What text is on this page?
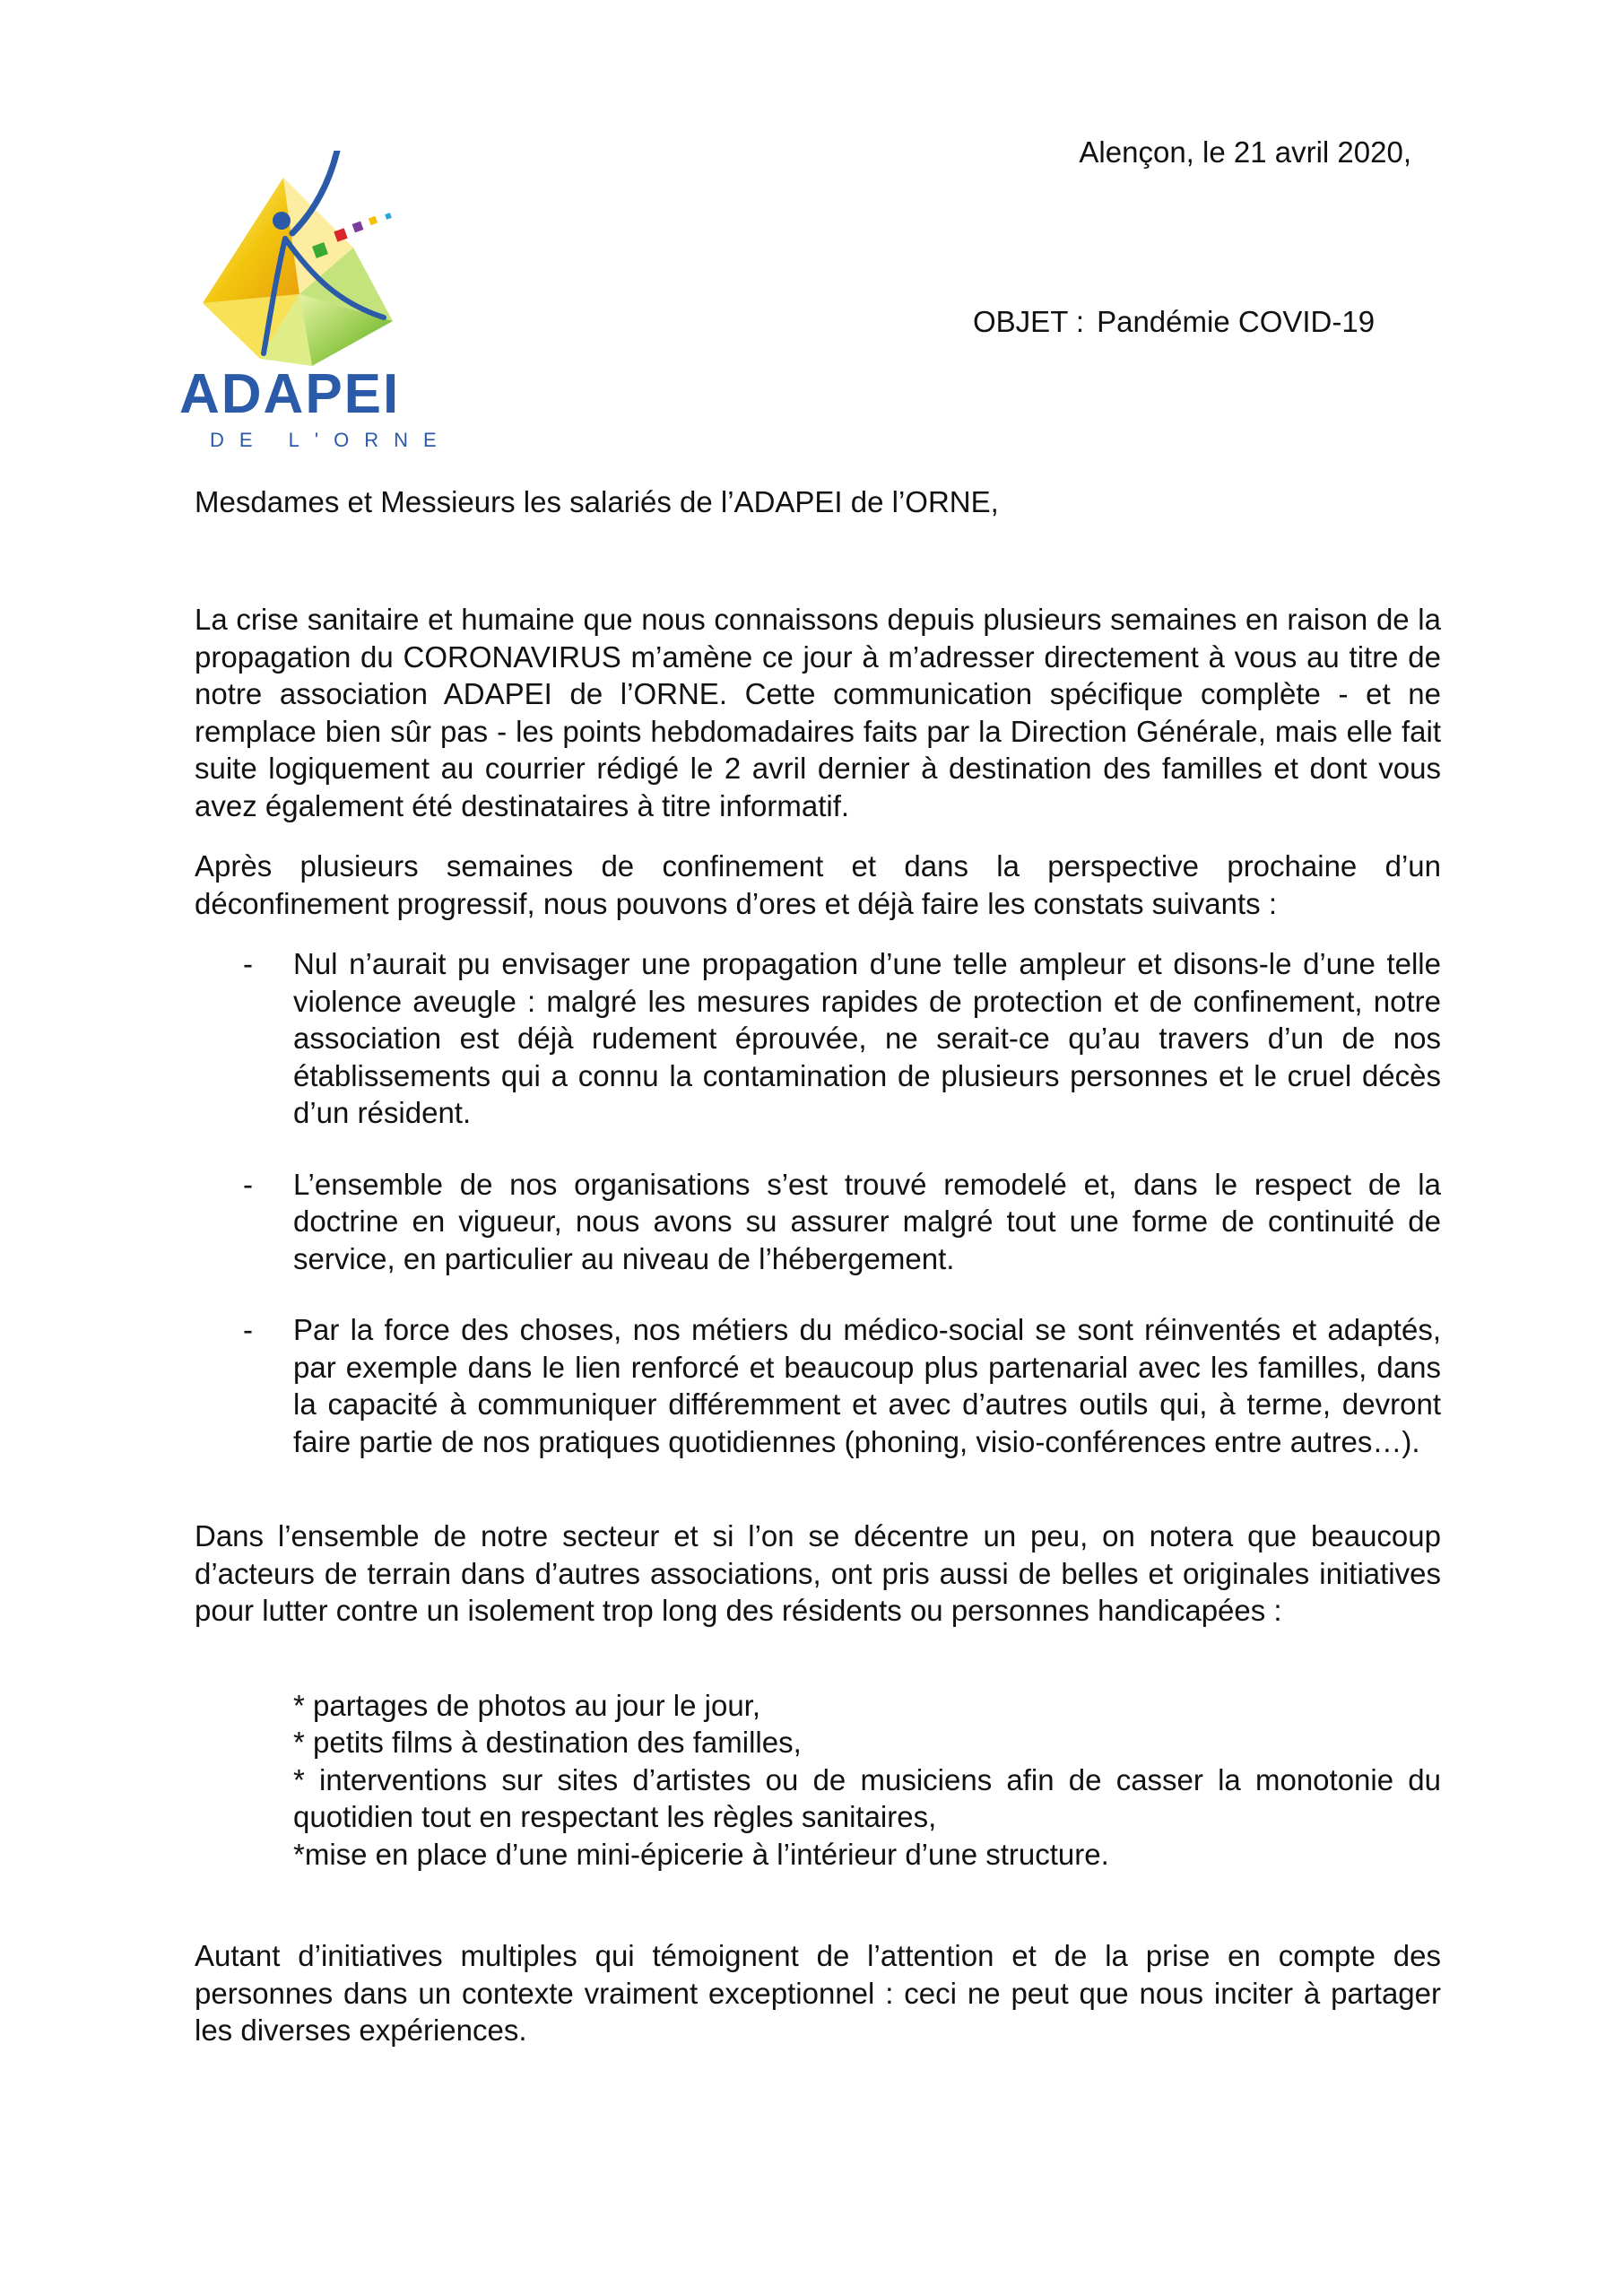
ADAPEI
DE L'ORNE
Alençon, le 21 avril 2020,
OBJET : Pandémie COVID-19
Mesdames et Messieurs les salariés de l’ADAPEI de l’ORNE,

La crise sanitaire et humaine que nous connaissons depuis plusieurs semaines en raison de la propagation du CORONAVIRUS m’amène ce jour à m’adresser directement à vous au titre de notre association ADAPEI de l’ORNE. Cette communication spécifique complète - et ne remplace bien sûr pas - les points hebdomadaires faits par la Direction Générale, mais elle fait suite logiquement au courrier rédigé le 2 avril dernier à destination des familles et dont vous avez également été destinataires à titre informatif.

Après plusieurs semaines de confinement et dans la perspective prochaine d’un déconfinement progressif, nous pouvons d’ores et déjà faire les constats suivants :

- Nul n’aurait pu envisager une propagation d’une telle ampleur et disons-le d’une telle violence aveugle : malgré les mesures rapides de protection et de confinement, notre association est déjà rudement éprouvée, ne serait-ce qu’au travers d’un de nos établissements qui a connu la contamination de plusieurs personnes et le cruel décès d’un résident.
- L’ensemble de nos organisations s’est trouvé remodelé et, dans le respect de la doctrine en vigueur, nous avons su assurer malgré tout une forme de continuité de service, en particulier au niveau de l’hébergement.
- Par la force des choses, nos métiers du médico-social se sont réinventés et adaptés, par exemple dans le lien renforcé et beaucoup plus partenarial avec les familles, dans la capacité à communiquer différemment et avec d’autres outils qui, à terme, devront faire partie de nos pratiques quotidiennes (phoning, visio-conférences entre autres…).

Dans l’ensemble de notre secteur et si l’on se décentre un peu, on notera que beaucoup d’acteurs de terrain dans d’autres associations, ont pris aussi de belles et originales initiatives pour lutter contre un isolement trop long des résidents ou personnes handicapées :

* partages de photos au jour le jour,
* petits films à destination des familles,
* interventions sur sites d’artistes ou de musiciens afin de casser la monotonie du quotidien tout en respectant les règles sanitaires,
*mise en place d’une mini-épicerie à l’intérieur d’une structure.

Autant d’initiatives multiples qui témoignent de l’attention et de la prise en compte des personnes dans un contexte vraiment exceptionnel : ceci ne peut que nous inciter à partager les diverses expériences.
